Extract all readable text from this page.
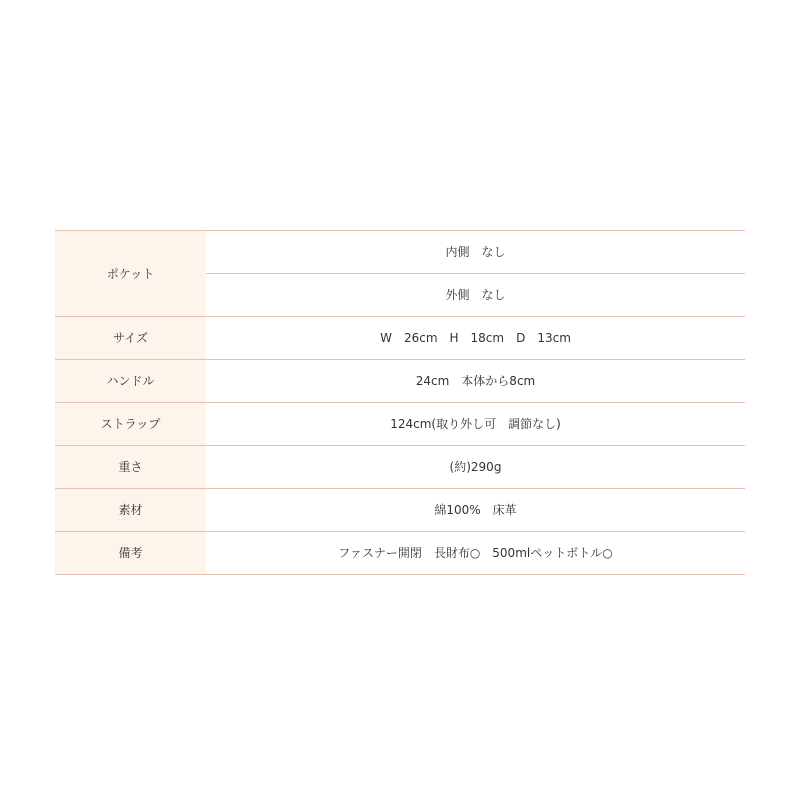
ポケット	内側　なし
	外側　なし
サイズ	W　26cm　H　18cm　D　13cm
ハンドル	24cm　本体から8cm
ストラップ	124cm(取り外し可　調節なし)
重さ	(約)290g
素材	綿100%　床革
備考	ファスナー開閉　長財布○　500mlペットボトル○
